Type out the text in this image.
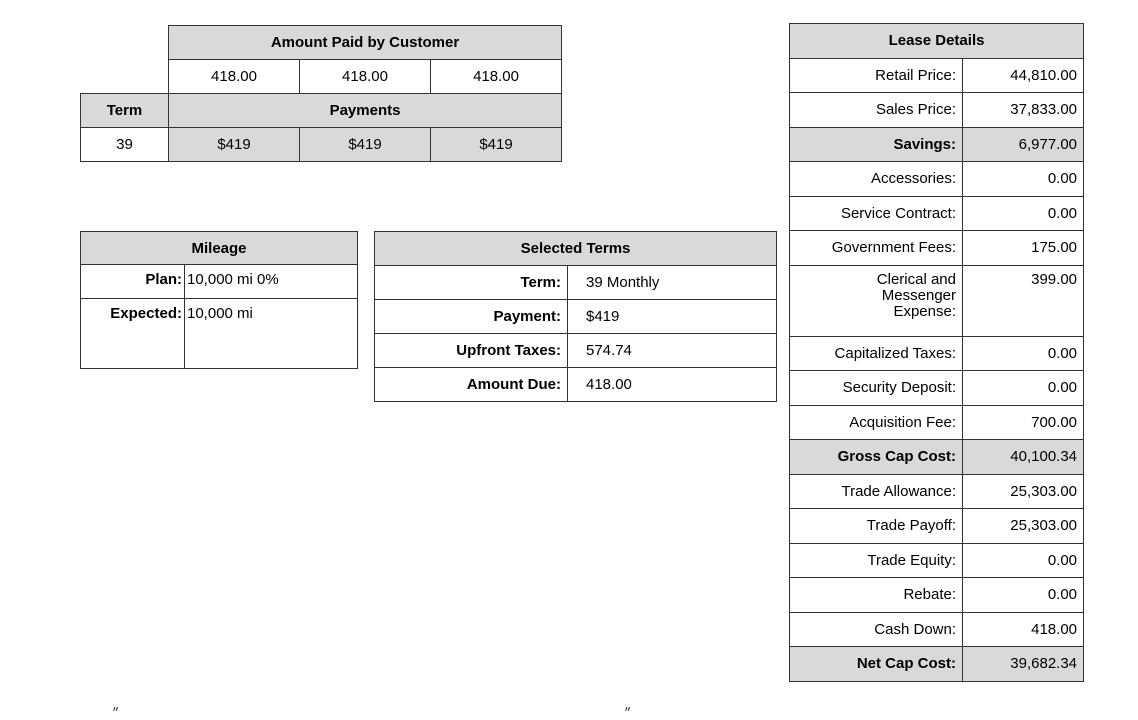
	Amount Paid by Customer		
	418.00	418.00	418.00
Term	Payments		
39	$419	$419	$419
Mileage	
Plan:	10,000 mi 0%
Expected:	10,000 mi
Selected Terms	
Term:	39 Monthly
Payment:	$419
Upfront Taxes:	574.74
Amount Due:	418.00
Lease Details	
Retail Price:	44,810.00
Sales Price:	37,833.00
Savings:	6,977.00
Accessories:	0.00
Service Contract:	0.00
Government Fees:	175.00
Clerical and Messenger Expense:	399.00
Capitalized Taxes:	0.00
Security Deposit:	0.00
Acquisition Fee:	700.00
Gross Cap Cost:	40,100.34
Trade Allowance:	25,303.00
Trade Payoff:	25,303.00
Trade Equity:	0.00
Rebate:	0.00
Cash Down:	418.00
Net Cap Cost:	39,682.34
״	״
